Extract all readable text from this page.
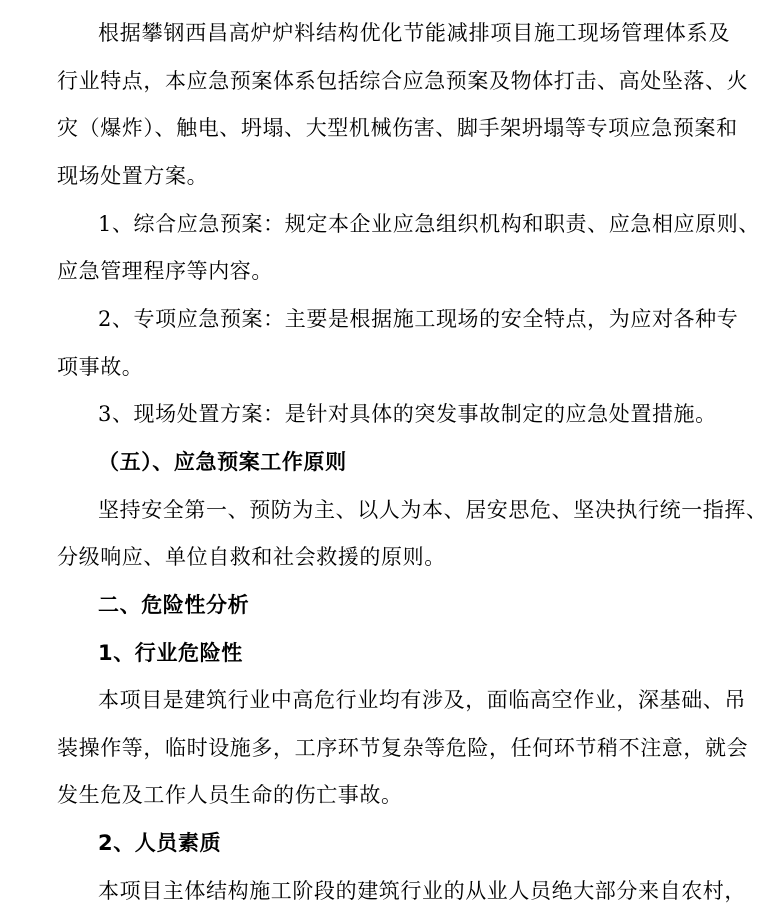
根据攀钢西昌高炉炉料结构优化节能减排项目施工现场管理体系及
行业特点，本应急预案体系包括综合应急预案及物体打击、高处坠落、火
灾（爆炸）、触电、坍塌、大型机械伤害、脚手架坍塌等专项应急预案和
现场处置方案。
1、综合应急预案：规定本企业应急组织机构和职责、应急相应原则、
应急管理程序等内容。
2、专项应急预案：主要是根据施工现场的安全特点，为应对各种专
项事故。
3、现场处置方案：是针对具体的突发事故制定的应急处置措施。
（五）、应急预案工作原则
坚持安全第一、预防为主、以人为本、居安思危、坚决执行统一指挥、
分级响应、单位自救和社会救援的原则。
二、危险性分析
1、行业危险性
本项目是建筑行业中高危行业均有涉及，面临高空作业，深基础、吊
装操作等，临时设施多，工序环节复杂等危险，任何环节稍不注意，就会
发生危及工作人员生命的伤亡事故。
2、人员素质
本项目主体结构施工阶段的建筑行业的从业人员绝大部分来自农村，
